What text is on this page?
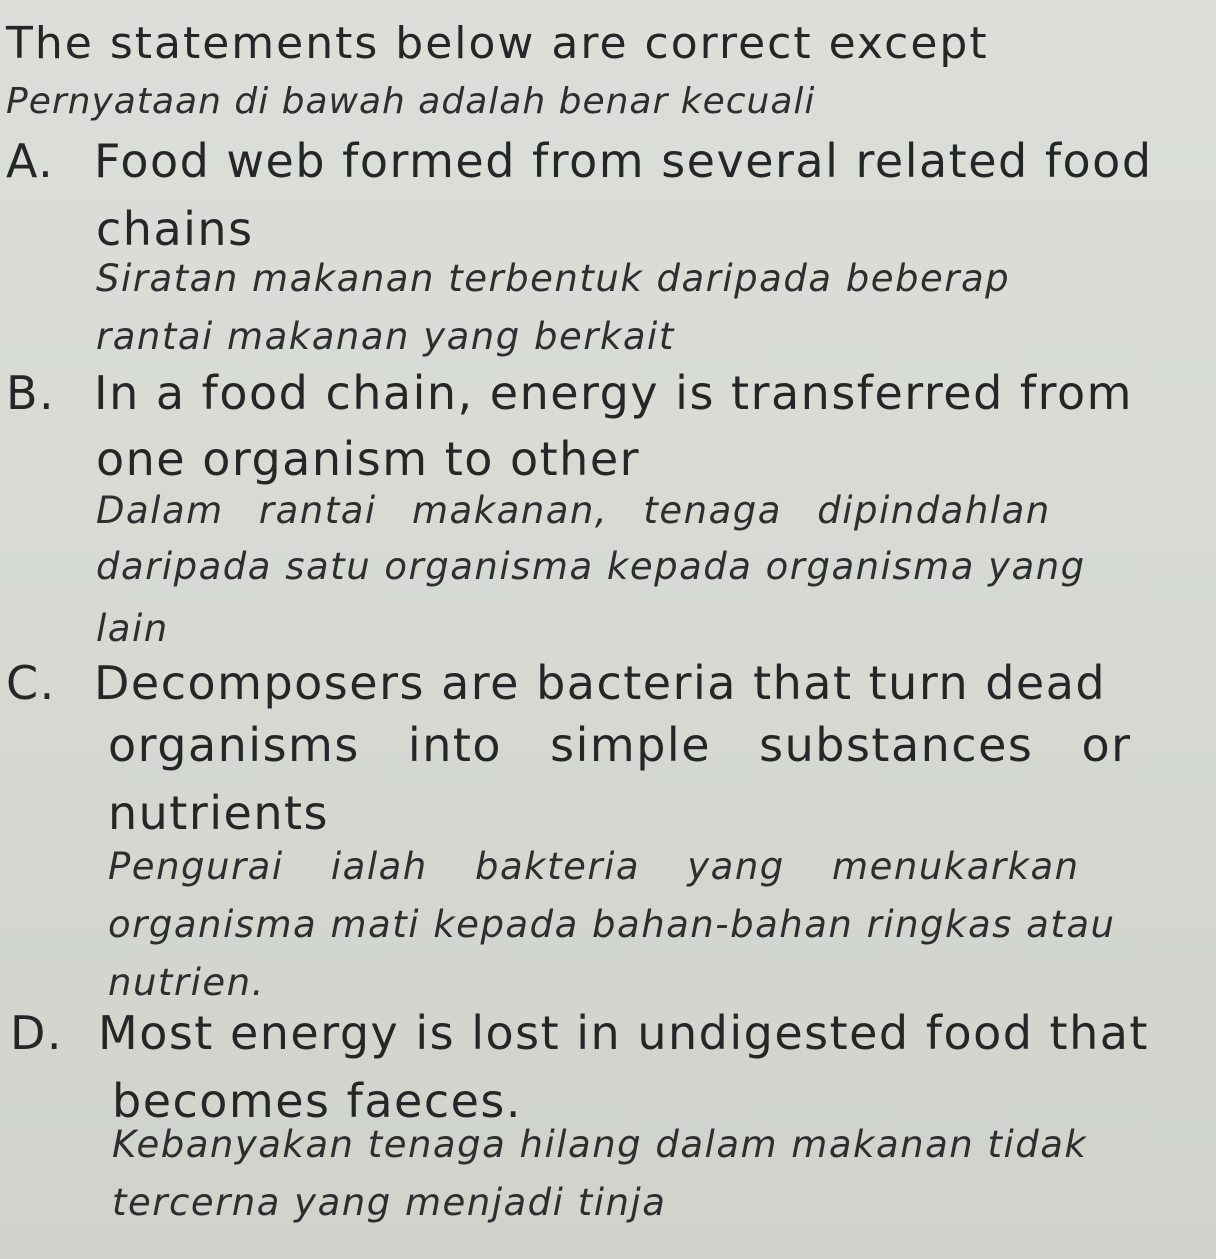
The statements below are correct except
Pernyataan di bawah adalah benar kecuali
A. Food web formed from several related food
chains
Siratan makanan terbentuk daripada beberap
rantai makanan yang berkait
B. In a food chain, energy is transferred from
one organism to other
Dalam rantai makanan, tenaga dipindahlan
daripada satu organisma kepada organisma yang
lain
C. Decomposers are bacteria that turn dead
organisms into simple substances or
nutrients
Pengurai ialah bakteria yang menukarkan
organisma mati kepada bahan-bahan ringkas atau
nutrien.
D. Most energy is lost in undigested food that
becomes faeces.
Kebanyakan tenaga hilang dalam makanan tidak
tercerna yang menjadi tinja
